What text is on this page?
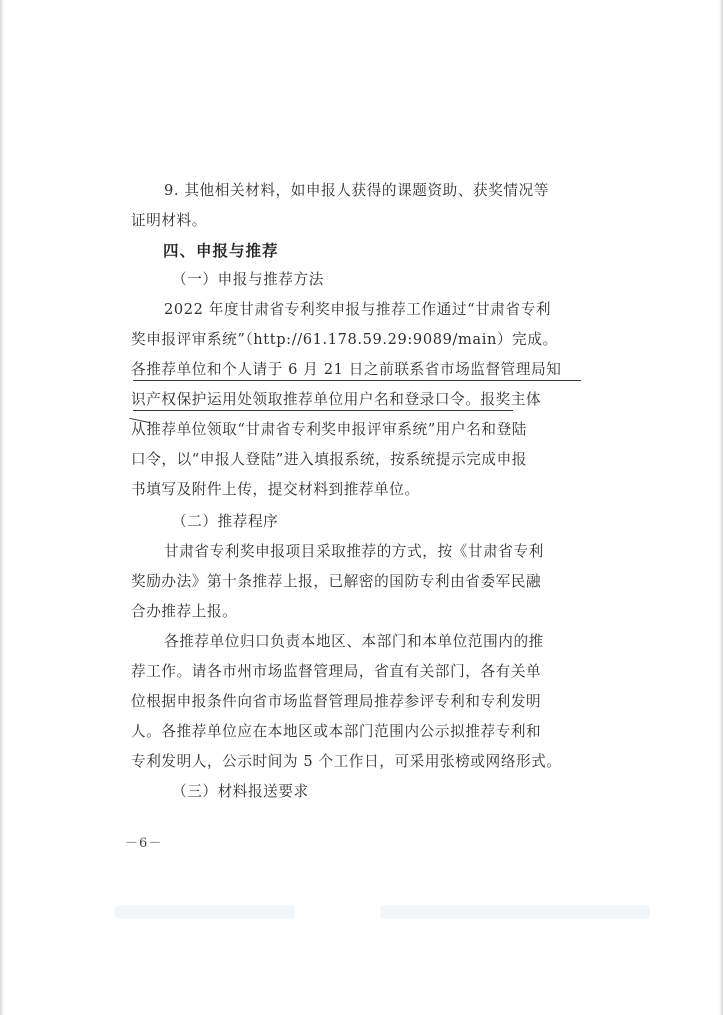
9. 其他相关材料，如申报人获得的课题资助、获奖情况等
证明材料。
四、申报与推荐
（一）申报与推荐方法
2022 年度甘肃省专利奖申报与推荐工作通过“甘肃省专利
奖申报评审系统”（http://61.178.59.29:9089/main）完成。
各推荐单位和个人请于 6 月 21 日之前联系省市场监督管理局知
识产权保护运用处领取推荐单位用户名和登录口令。报奖主体
从推荐单位领取“甘肃省专利奖申报评审系统”用户名和登陆
口令，以“申报人登陆”进入填报系统，按系统提示完成申报
书填写及附件上传，提交材料到推荐单位。
（二）推荐程序
甘肃省专利奖申报项目采取推荐的方式，按《甘肃省专利
奖励办法》第十条推荐上报，已解密的国防专利由省委军民融
合办推荐上报。
各推荐单位归口负责本地区、本部门和本单位范围内的推
荐工作。请各市州市场监督管理局，省直有关部门，各有关单
位根据申报条件向省市场监督管理局推荐参评专利和专利发明
人。各推荐单位应在本地区或本部门范围内公示拟推荐专利和
专利发明人，公示时间为 5 个工作日，可采用张榜或网络形式。
（三）材料报送要求
－6－
